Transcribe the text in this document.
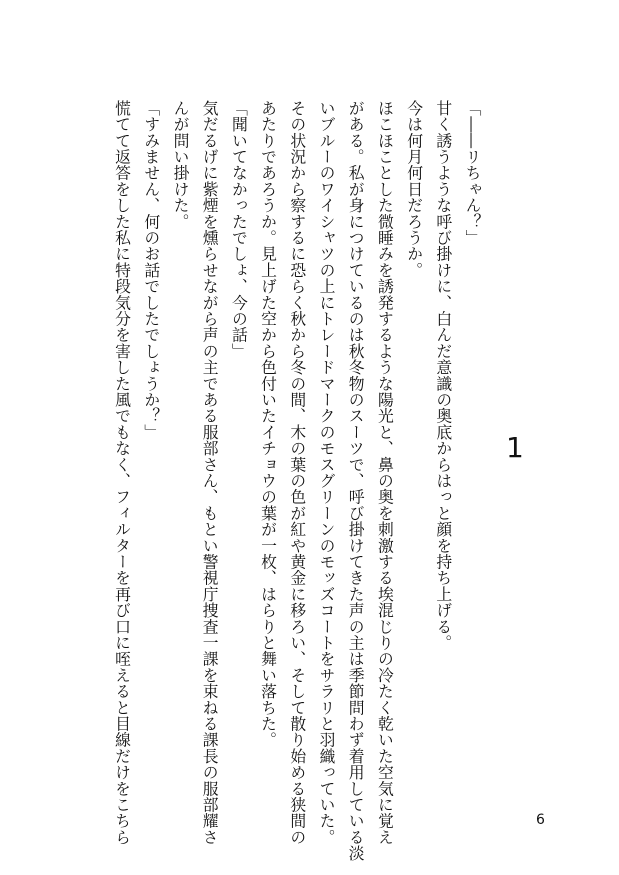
1

「――リちゃん？」

甘く誘うような呼び掛けに、白んだ意識の奥底からはっと顔を持ち上げる。

今は何月何日だろうか。

ほこほことした微睡みを誘発するような陽光と、鼻の奥を刺激する埃混じりの冷たく乾いた空気に覚え

がある。私が身につけているのは秋冬物のスーツで、呼び掛けてきた声の主は季節問わず着用している淡

いブルーのワイシャツの上にトレードマークのモスグリーンのモッズコートをサラリと羽織っていた。

その状況から察するに恐らく秋から冬の間、木の葉の色が紅や黄金に移ろい、そして散り始める狭間の

あたりであろうか。見上げた空から色付いたイチョウの葉が一枚、はらりと舞い落ちた。

「聞いてなかったでしょ、今の話」

気だるげに紫煙を燻らせながら声の主である服部さん、もとい警視庁捜査一課を束ねる課長の服部耀さ

んが問い掛けた。

「すみません、何のお話でしたでしょうか？」

慌てて返答をした私に特段気分を害した風でもなく、フィルターを再び口に咥えると目線だけをこちら	6
